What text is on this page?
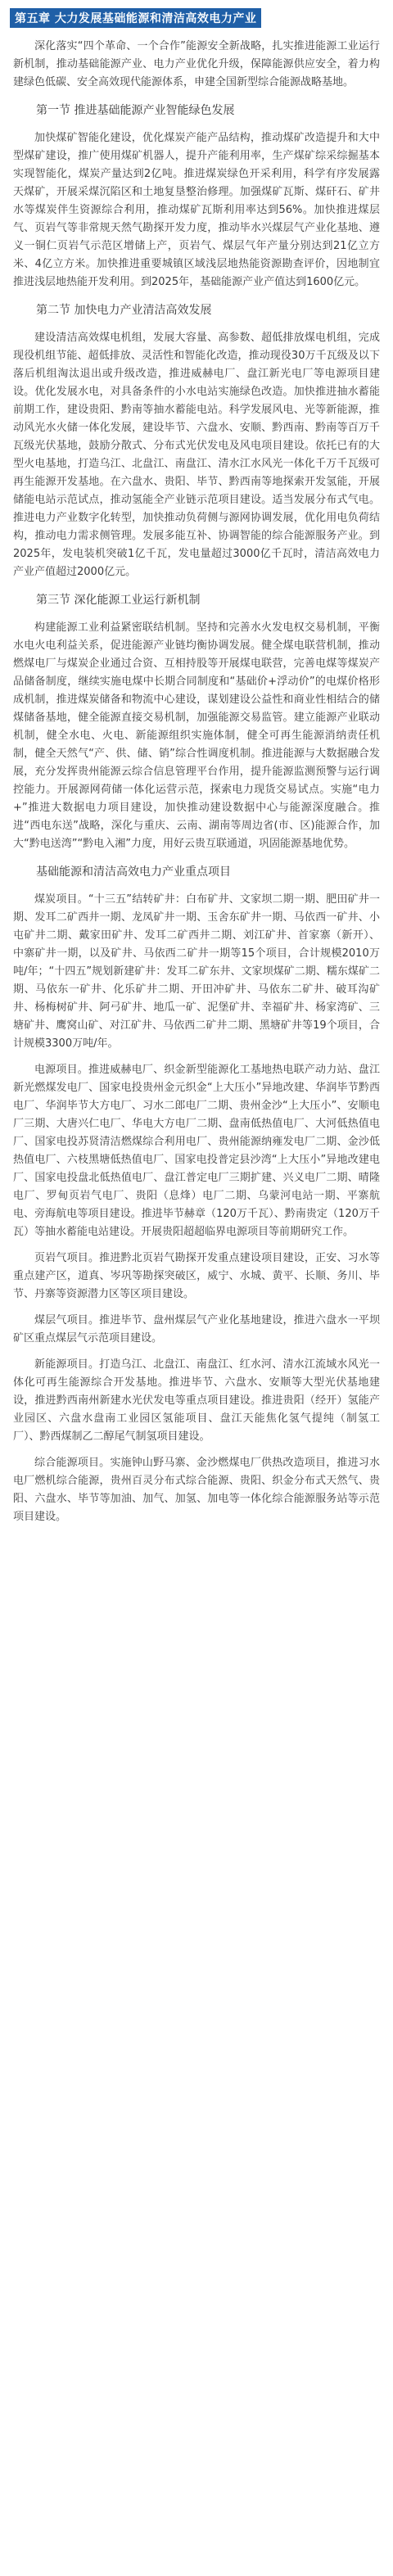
第五章 大力发展基础能源和清洁高效电力产业

深化落实“四个革命、一个合作”能源安全新战略，扎实推进能源工业运行新机制，推动基础能源产业、电力产业优化升级，保障能源供应安全，着力构建绿色低碳、安全高效现代能源体系，申建全国新型综合能源战略基地。

第一节 推进基础能源产业智能绿色发展

加快煤矿智能化建设，优化煤炭产能产品结构，推动煤矿改造提升和大中型煤矿建设，推广使用煤矿机器人，提升产能利用率，生产煤矿综采综掘基本实现智能化，煤炭产量达到2亿吨。推进煤炭绿色开采利用，科学有序发展露天煤矿，开展采煤沉陷区和土地复垦整治修理。加强煤矿瓦斯、煤矸石、矿井水等煤炭伴生资源综合利用，推动煤矿瓦斯利用率达到56%。加快推进煤层气、页岩气等非常规天然气勘探开发力度，推动毕水兴煤层气产业化基地、遵义一铜仁页岩气示范区增储上产，页岩气、煤层气年产量分别达到21亿立方米、4亿立方米。加快推进重要城镇区域浅层地热能资源勘查评价，因地制宜推进浅层地热能开发利用。到2025年，基础能源产业产值达到1600亿元。

第二节 加快电力产业清洁高效发展

建设清洁高效煤电机组，发展大容量、高参数、超低排放煤电机组，完成现役机组节能、超低排放、灵活性和智能化改造，推动现役30万千瓦级及以下落后机组淘汰退出或升级改造，推进威赫电厂、盘江新光电厂等电源项目建设。优化发展水电，对具备条件的小水电站实施绿色改造。加快推进抽水蓄能前期工作，建设贵阳、黔南等抽水蓄能电站。科学发展风电、光等新能源，推动风光水火储一体化发展，建设毕节、六盘水、安顺、黔西南、黔南等百万千瓦级光伏基地，鼓励分散式、分布式光伏发电及风电项目建设。依托已有的大型火电基地，打造乌江、北盘江、南盘江、清水江水风光一体化千万千瓦级可再生能源开发基地。在六盘水、贵阳、毕节、黔西南等地探索开发氢能，开展储能电站示范试点，推动氢能全产业链示范项目建设。适当发展分布式气电。推进电力产业数字化转型，加快推动负荷侧与源网协调发展，优化用电负荷结构，推动电力需求侧管理。发展多能互补、协调智能的综合能源服务产业。到2025年，发电装机突破1亿千瓦，发电量超过3000亿千瓦时，清洁高效电力产业产值超过2000亿元。

第三节 深化能源工业运行新机制

构建能源工业利益紧密联结机制。坚持和完善水火发电权交易机制，平衡水电火电利益关系，促进能源产业链均衡协调发展。健全煤电联营机制，推动燃煤电厂与煤炭企业通过合资、互相持股等开展煤电联营，完善电煤等煤炭产品储备制度，继续实施电煤中长期合同制度和“基础价+浮动价”的电煤价格形成机制，推进煤炭储备和物流中心建设，谋划建设公益性和商业性相结合的储煤储备基地，健全能源直接交易机制，加强能源交易监管。建立能源产业联动机制，健全水电、火电、新能源组织实施体制，健全可再生能源消纳责任机制，健全天然气“产、供、储、销”综合性调度机制。推进能源与大数据融合发展，充分发挥贵州能源云综合信息管理平台作用，提升能源监测预警与运行调控能力。开展源网荷储一体化运营示范，探索电力现货交易试点。实施“电力+”推进大数据电力项目建设，加快推动建设数据中心与能源深度融合。推进“西电东送”战略，深化与重庆、云南、湖南等周边省(市、区)能源合作，加大“黔电送湾”“黔电入湘”力度，用好云贵互联通道，巩固能源基地优势。

基础能源和清洁高效电力产业重点项目

煤炭项目。“十三五”结转矿井：白布矿井、文家坝二期一期、肥田矿井一期、发耳二矿西井一期、龙凤矿井一期、玉舍东矿井一期、马依西一矿井、小屯矿井二期、戴家田矿井、发耳二矿西井二期、刘江矿井、首家寨（新开）、中寨矿井一期，以及矿井、马依西二矿井一期等15个项目，合计规模2010万吨/年；“十四五”规划新建矿井：发耳二矿东井、文家坝煤矿二期、糯东煤矿二期、马依东一矿井、化乐矿井二期、开田冲矿井、马依东二矿井、破耳沟矿井、杨梅树矿井、阿弓矿井、地瓜一矿、泥堡矿井、幸福矿井、杨家湾矿、三塘矿井、鹰窝山矿、对江矿井、马依西二矿井二期、黑塘矿井等19个项目，合计规模3300万吨/年。

电源项目。推进威赫电厂、织金新型能源化工基地热电联产动力站、盘江新光燃煤发电厂、国家电投贵州金元织金“上大压小”异地改建、华润毕节黔西电厂、华润毕节大方电厂、习水二郎电厂二期、贵州金沙“上大压小”、安顺电厂三期、大唐兴仁电厂、华电大方电厂二期、盘南低热值电厂、大河低热值电厂、国家电投苏贤清洁燃煤综合利用电厂、贵州能源纳雍发电厂二期、金沙低热值电厂、六枝黑塘低热值电厂、国家电投普定县沙湾“上大压小”异地改建电厂、国家电投盘北低热值电厂、盘江普定电厂三期扩建、兴义电厂二期、晴隆电厂、罗甸页岩气电厂、贵阳（息烽）电厂二期、乌蒙河电站一期、平寨航电、旁海航电等项目建设。推进毕节赫章（120万千瓦）、黔南贵定（120万千瓦）等抽水蓄能电站建设。开展贵阳超超临界电源项目等前期研究工作。

页岩气项目。推进黔北页岩气勘探开发重点建设项目建设，正安、习水等重点建产区，道真、岑巩等勘探突破区，威宁、水城、黄平、长顺、务川、毕节、丹寨等资源潜力区等区项目建设。

煤层气项目。推进毕节、盘州煤层气产业化基地建设，推进六盘水一平坝矿区重点煤层气示范项目建设。

新能源项目。打造乌江、北盘江、南盘江、红水河、清水江流域水风光一体化可再生能源综合开发基地。推进毕节、六盘水、安顺等大型光伏基地建设，推进黔西南州新建水光伏发电等重点项目建设。推进贵阳（经开）氢能产业园区、六盘水盘南工业园区氢能项目、盘江天能焦化氢气提纯（制氢工厂）、黔西煤制乙二醇尾气制氢项目建设。

综合能源项目。实施钟山野马寨、金沙燃煤电厂供热改造项目，推进习水电厂燃机综合能源，贵州百灵分布式综合能源、贵阳、织金分布式天然气、贵阳、六盘水、毕节等加油、加气、加氢、加电等一体化综合能源服务站等示范项目建设。
